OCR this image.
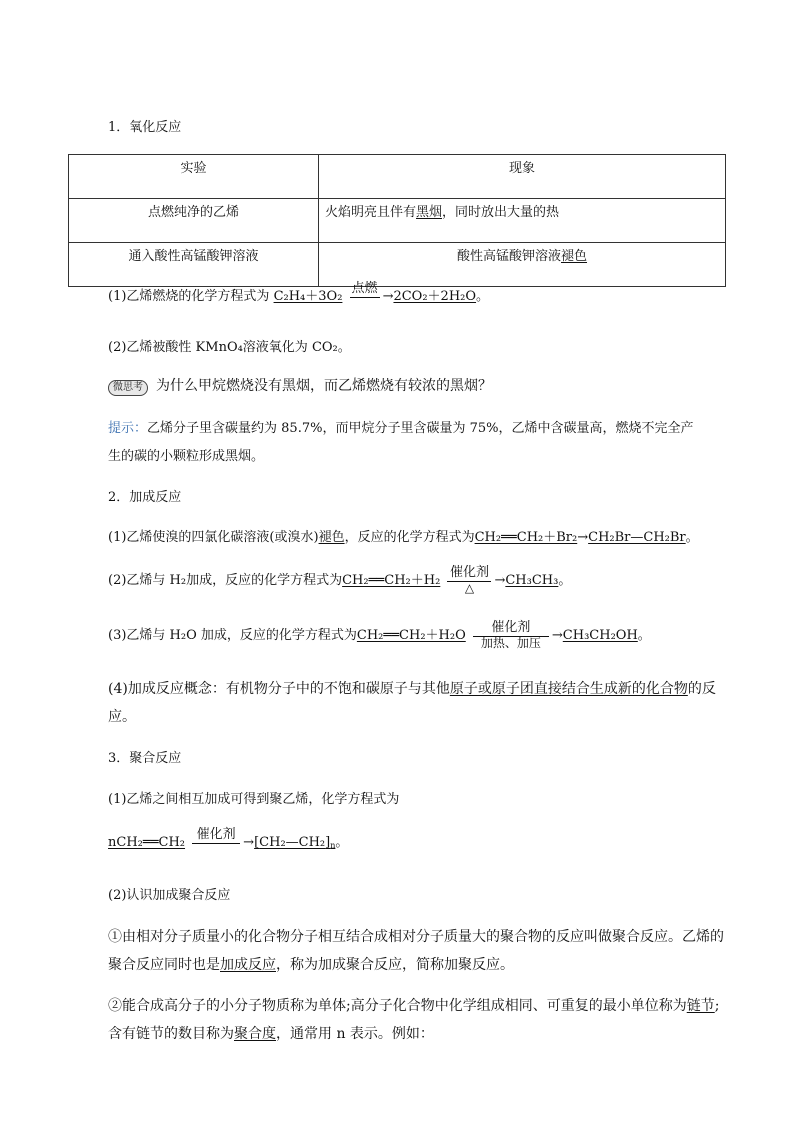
1．氧化反应
实验	现象
点燃纯净的乙烯	火焰明亮且伴有黑烟，同时放出大量的热
通入酸性高锰酸钾溶液	酸性高锰酸钾溶液褪色
(1)乙烯燃烧的化学方程式为 C₂H₄＋3O₂
点燃

→2CO₂＋2H₂O。
(2)乙烯被酸性 KMnO₄溶液氧化为 CO₂。
微思考 为什么甲烷燃烧没有黑烟，而乙烯燃烧有较浓的黑烟？
提示：乙烯分子里含碳量约为 85.7%，而甲烷分子里含碳量为 75%，乙烯中含碳量高，燃烧不完全产
生的碳的小颗粒形成黑烟。
2．加成反应
(1)乙烯使溴的四氯化碳溶液(或溴水)褪色，反应的化学方程式为CH₂══CH₂＋Br₂→CH₂Br—CH₂Br。
(2)乙烯与 H₂加成，反应的化学方程式为CH₂══CH₂＋H₂
催化剂
△	→CH₃CH₃。
(3)乙烯与 H₂O 加成，反应的化学方程式为CH₂══CH₂＋H₂O
催化剂
加热、加压 →CH₃CH₂OH。
(4)加成反应概念：有机物分子中的不饱和碳原子与其他原子或原子团直接结合生成新的化合物的反
应。
3．聚合反应
(1)乙烯之间相互加成可得到聚乙烯，化学方程式为
nCH₂══CH₂
催化剂

$\to[CH_2—CH_2]_n$。
(2)认识加成聚合反应
①由相对分子质量小的化合物分子相互结合成相对分子质量大的聚合物的反应叫做聚合反应。乙烯的
聚合反应同时也是加成反应，称为加成聚合反应，简称加聚反应。
②能合成高分子的小分子物质称为单体;高分子化合物中化学组成相同、可重复的最小单位称为链节;
含有链节的数目称为聚合度，通常用 n 表示。例如：
